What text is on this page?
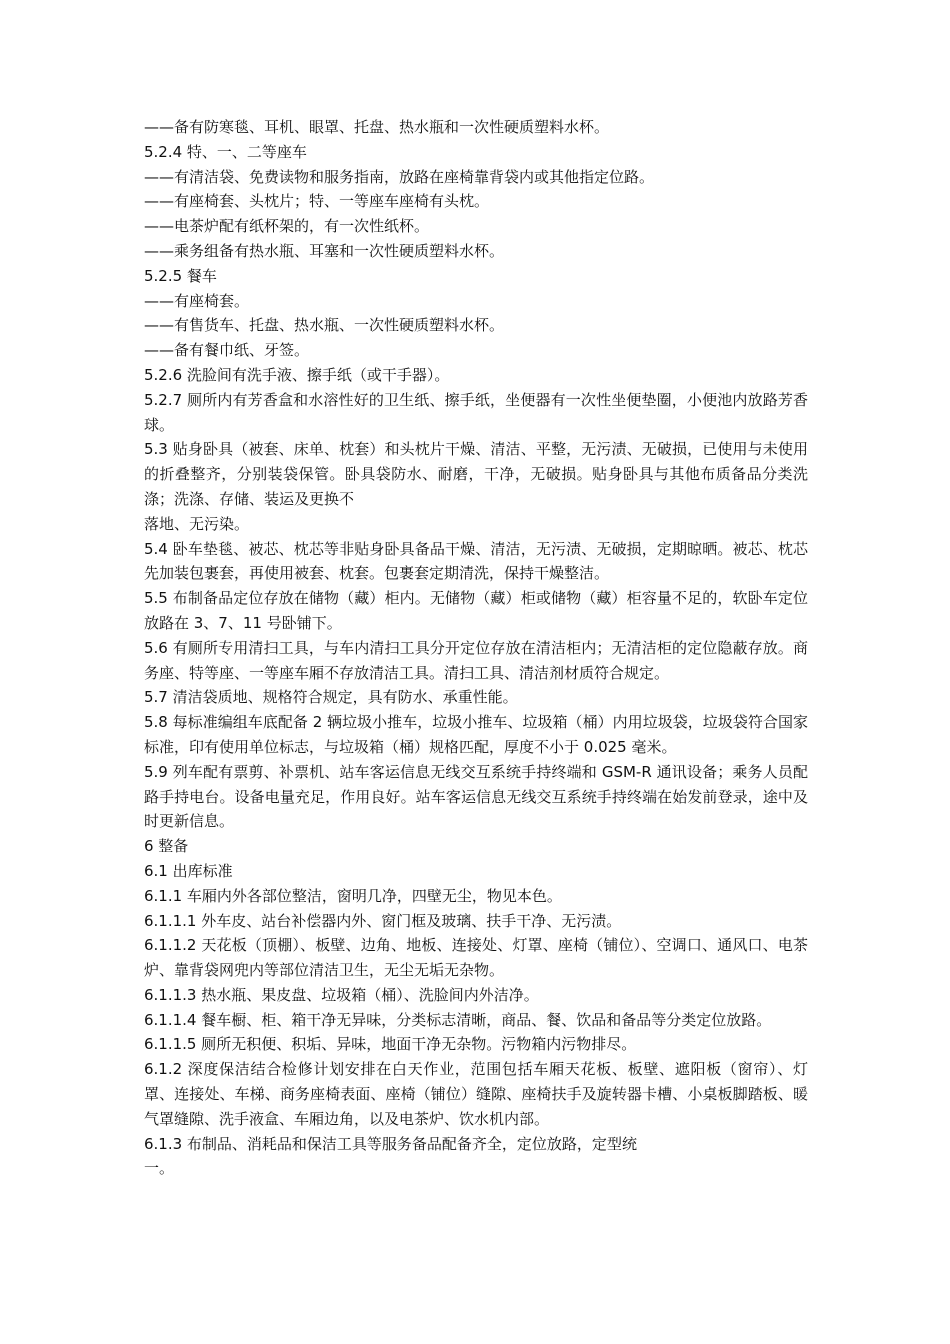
——备有防寒毯、耳机、眼罩、托盘、热水瓶和一次性硬质塑料水杯。

5.2.4 特、一、二等座车

——有清洁袋、免费读物和服务指南，放路在座椅靠背袋内或其他指定位路。

——有座椅套、头枕片；特、一等座车座椅有头枕。

——电茶炉配有纸杯架的，有一次性纸杯。

——乘务组备有热水瓶、耳塞和一次性硬质塑料水杯。

5.2.5 餐车

——有座椅套。

——有售货车、托盘、热水瓶、一次性硬质塑料水杯。

——备有餐巾纸、牙签。

5.2.6 洗脸间有洗手液、擦手纸（或干手器）。

5.2.7 厕所内有芳香盒和水溶性好的卫生纸、擦手纸，坐便器有一次性坐便垫圈，小便池内放路芳香球。

5.3 贴身卧具（被套、床单、枕套）和头枕片干燥、清洁、平整，无污渍、无破损，已使用与未使用的折叠整齐，分别装袋保管。卧具袋防水、耐磨，干净，无破损。贴身卧具与其他布质备品分类洗涤；洗涤、存储、装运及更换不

落地、无污染。

5.4 卧车垫毯、被芯、枕芯等非贴身卧具备品干燥、清洁，无污渍、无破损，定期晾晒。被芯、枕芯先加装包裹套，再使用被套、枕套。包裹套定期清洗，保持干燥整洁。

5.5 布制备品定位存放在储物（藏）柜内。无储物（藏）柜或储物（藏）柜容量不足的，软卧车定位放路在 3、7、11 号卧铺下。

5.6 有厕所专用清扫工具，与车内清扫工具分开定位存放在清洁柜内；无清洁柜的定位隐蔽存放。商务座、特等座、一等座车厢不存放清洁工具。清扫工具、清洁剂材质符合规定。

5.7 清洁袋质地、规格符合规定，具有防水、承重性能。

5.8 每标准编组车底配备 2 辆垃圾小推车，垃圾小推车、垃圾箱（桶）内用垃圾袋，垃圾袋符合国家标准，印有使用单位标志，与垃圾箱（桶）规格匹配，厚度不小于 0.025 毫米。

5.9 列车配有票剪、补票机、站车客运信息无线交互系统手持终端和 GSM-R 通讯设备；乘务人员配路手持电台。设备电量充足，作用良好。站车客运信息无线交互系统手持终端在始发前登录，途中及时更新信息。

6 整备

6.1 出库标准

6.1.1 车厢内外各部位整洁，窗明几净，四壁无尘，物见本色。

6.1.1.1 外车皮、站台补偿器内外、窗门框及玻璃、扶手干净、无污渍。

6.1.1.2 天花板（顶棚）、板壁、边角、地板、连接处、灯罩、座椅（铺位）、空调口、通风口、电茶炉、靠背袋网兜内等部位清洁卫生，无尘无垢无杂物。

6.1.1.3 热水瓶、果皮盘、垃圾箱（桶）、洗脸间内外洁净。

6.1.1.4 餐车橱、柜、箱干净无异味，分类标志清晰，商品、餐、饮品和备品等分类定位放路。

6.1.1.5 厕所无积便、积垢、异味，地面干净无杂物。污物箱内污物排尽。

6.1.2 深度保洁结合检修计划安排在白天作业，范围包括车厢天花板、板壁、遮阳板（窗帘）、灯罩、连接处、车梯、商务座椅表面、座椅（铺位）缝隙、座椅扶手及旋转器卡槽、小桌板脚踏板、暖气罩缝隙、洗手液盒、车厢边角，以及电茶炉、饮水机内部。

6.1.3 布制品、消耗品和保洁工具等服务备品配备齐全，定位放路，定型统

一。
